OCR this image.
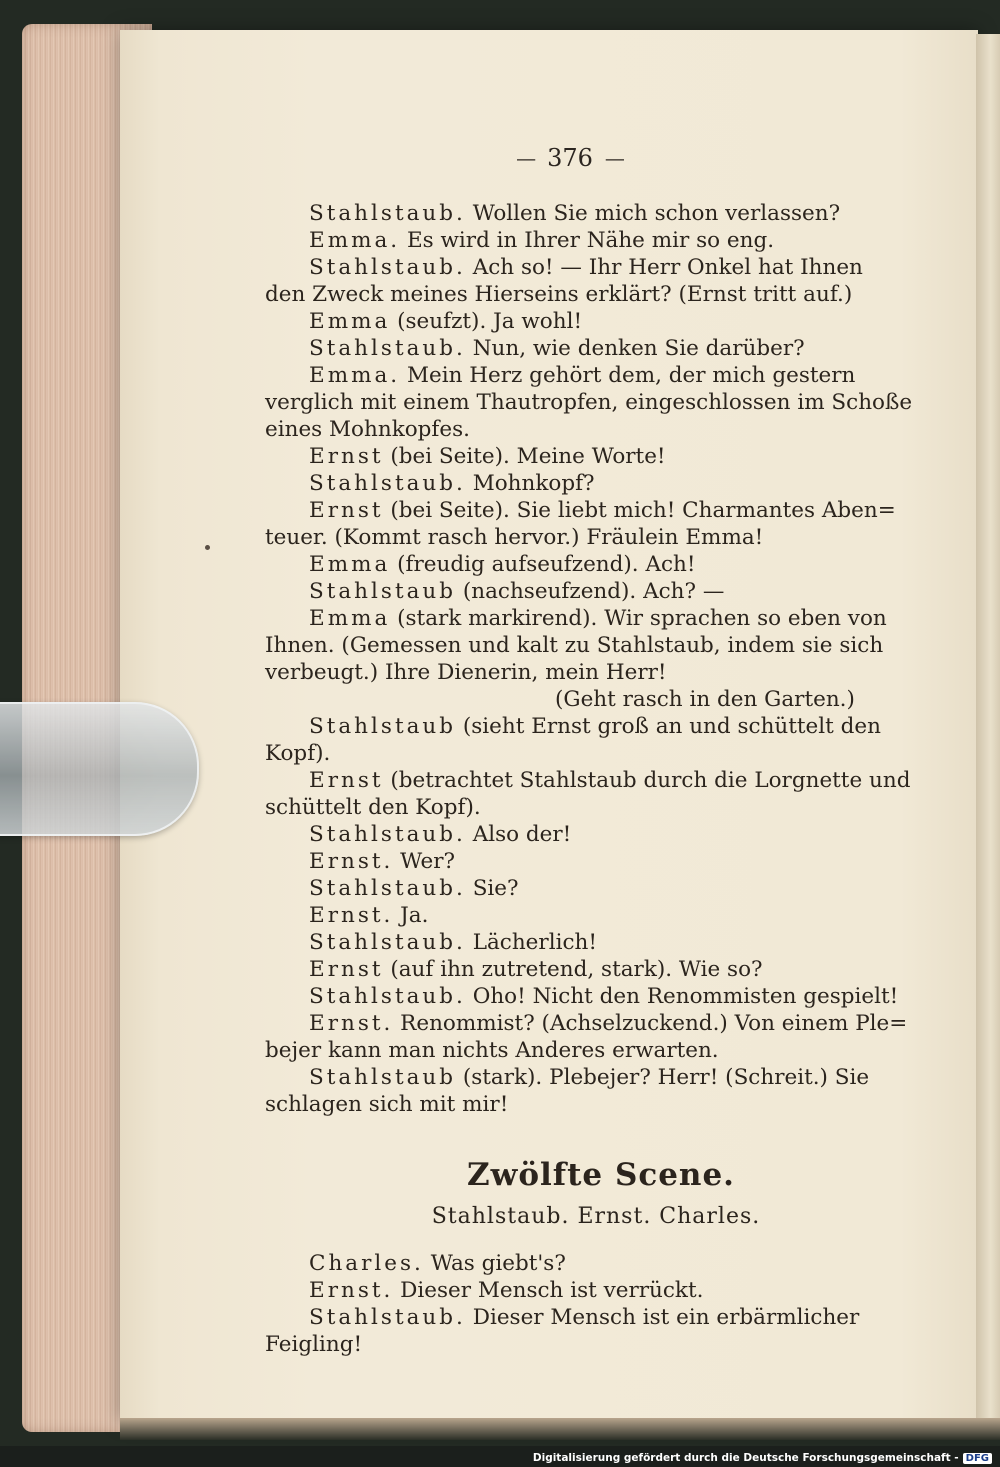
— 376 —
Stahlstaub. Wollen Sie mich schon verlassen?
Emma. Es wird in Ihrer Nähe mir so eng.
Stahlstaub. Ach so! — Ihr Herr Onkel hat Ihnen
den Zweck meines Hierseins erklärt? (Ernst tritt auf.)
Emma (seufzt). Ja wohl!
Stahlstaub. Nun, wie denken Sie darüber?
Emma. Mein Herz gehört dem, der mich gestern
verglich mit einem Thautropfen, eingeschlossen im Schoße
eines Mohnkopfes.
Ernst (bei Seite). Meine Worte!
Stahlstaub. Mohnkopf?
Ernst (bei Seite). Sie liebt mich! Charmantes Aben=
teuer. (Kommt rasch hervor.) Fräulein Emma!
Emma (freudig aufseufzend). Ach!
Stahlstaub (nachseufzend). Ach? —
Emma (stark markirend). Wir sprachen so eben von
Ihnen. (Gemessen und kalt zu Stahlstaub, indem sie sich
verbeugt.) Ihre Dienerin, mein Herr!
(Geht rasch in den Garten.)
Stahlstaub (sieht Ernst groß an und schüttelt den
Kopf).
Ernst (betrachtet Stahlstaub durch die Lorgnette und
schüttelt den Kopf).
Stahlstaub. Also der!
Ernst. Wer?
Stahlstaub. Sie?
Ernst. Ja.
Stahlstaub. Lächerlich!
Ernst (auf ihn zutretend, stark). Wie so?
Stahlstaub. Oho! Nicht den Renommisten gespielt!
Ernst. Renommist? (Achselzuckend.) Von einem Ple=
bejer kann man nichts Anderes erwarten.
Stahlstaub (stark). Plebejer? Herr! (Schreit.) Sie
schlagen sich mit mir!
Zwölfte Scene.
Stahlstaub. Ernst. Charles.
Charles. Was giebt's?
Ernst. Dieser Mensch ist verrückt.
Stahlstaub. Dieser Mensch ist ein erbärmlicher
Feigling!
Digitalisierung gefördert durch die Deutsche Forschungsgemeinschaft - DFG
